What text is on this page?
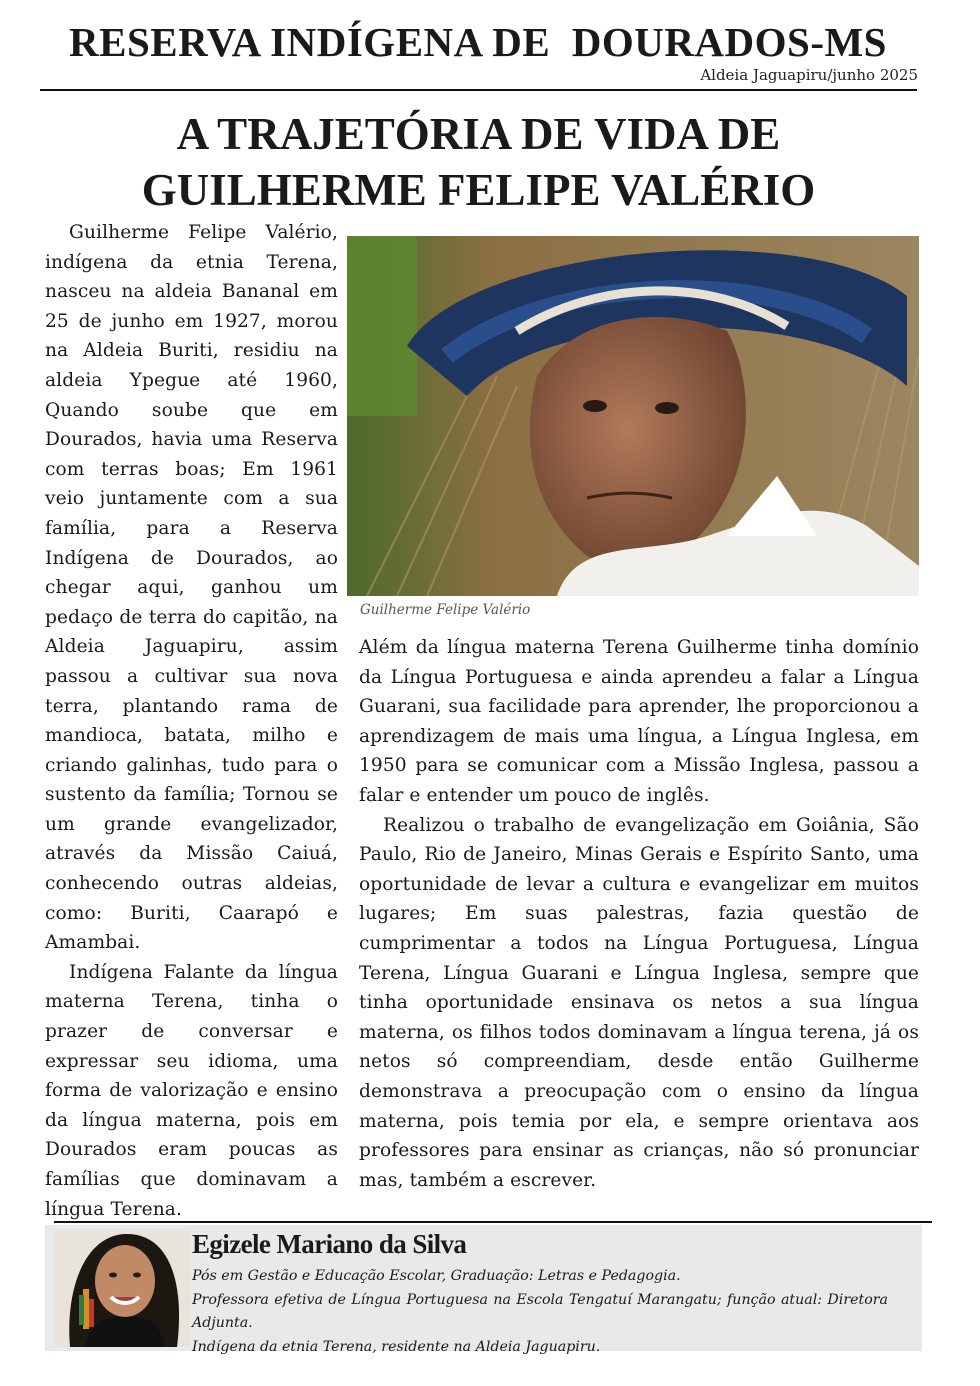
RESERVA INDÍGENA DE  DOURADOS-MS
Aldeia Jaguapiru/junho 2025
A TRAJETÓRIA DE VIDA DE
GUILHERME FELIPE VALÉRIO

Guilherme Felipe Valério, indígena da etnia Terena, nasceu na aldeia Bananal em 25 de junho em 1927, morou na Aldeia Buriti, residiu na aldeia Ypegue até 1960, Quando soube que em Dourados, havia uma Reserva com terras boas; Em 1961 veio juntamente com a sua família, para a Reserva Indígena de Dourados, ao chegar aqui, ganhou um pedaço de terra do capitão, na Aldeia Jaguapiru, assim passou a cultivar sua nova terra, plantando rama de mandioca, batata, milho e criando galinhas, tudo para o sustento da família; Tornou se um grande evangelizador, através da Missão Caiuá, conhecendo outras aldeias, como: Buriti, Caarapó e Amambai.

Indígena Falante da língua materna Terena, tinha o prazer de conversar e expressar seu idioma, uma forma de valorização e ensino da língua materna, pois em Dourados eram poucas as famílias que dominavam a língua Terena.

Guilherme Felipe Valério

Além da língua materna Terena Guilherme tinha domínio da Língua Portuguesa e ainda aprendeu a falar a Língua Guarani, sua facilidade para aprender, lhe proporcionou a aprendizagem de mais uma língua, a Língua Inglesa, em 1950 para se comunicar com a Missão Inglesa, passou a falar e entender um pouco de inglês.

Realizou o trabalho de evangelização em Goiânia, São Paulo, Rio de Janeiro, Minas Gerais e Espírito Santo, uma oportunidade de levar a cultura e evangelizar em muitos lugares; Em suas palestras, fazia questão de cumprimentar a todos na Língua Portuguesa, Língua Terena, Língua Guarani e Língua Inglesa, sempre que tinha oportunidade ensinava os netos a sua língua materna, os filhos todos dominavam a língua terena, já os netos só compreendiam, desde então Guilherme demonstrava a preocupação com o ensino da língua materna, pois temia por ela, e sempre orientava aos professores para ensinar as crianças, não só pronunciar mas, também a escrever.

Egizele Mariano da Silva
Pós em Gestão e Educação Escolar, Graduação: Letras e Pedagogia.
Professora efetiva de Língua Portuguesa na Escola Tengatuí Marangatu; função atual: Diretora Adjunta.
Indígena da etnia Terena, residente na Aldeia Jaguapiru.
